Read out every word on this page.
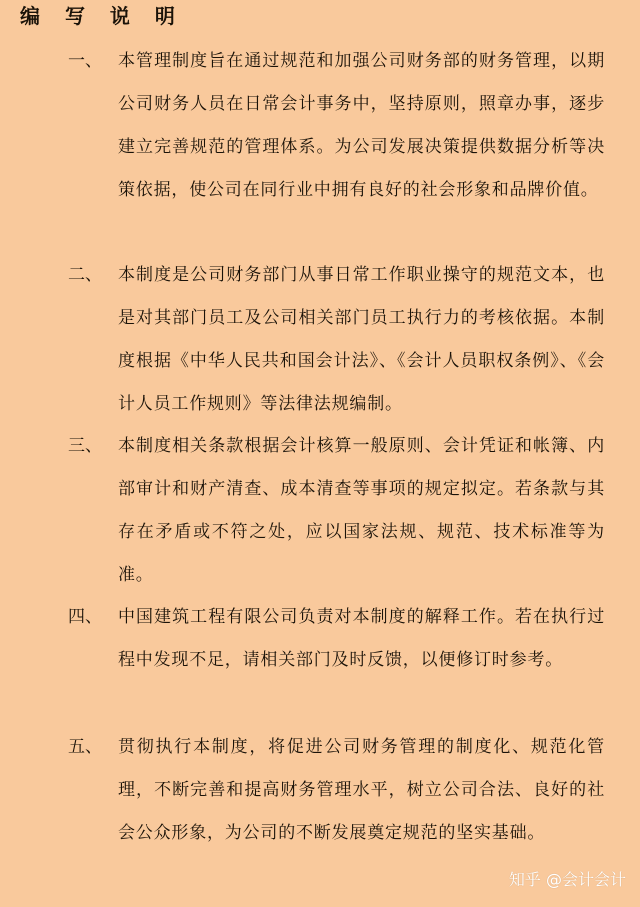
编 写 说 明
一、 本管理制度旨在通过规范和加强公司财务部的财务管理，以期公司财务人员在日常会计事务中，坚持原则，照章办事，逐步建立完善规范的管理体系。为公司发展决策提供数据分析等决策依据，使公司在同行业中拥有良好的社会形象和品牌价值。
二、 本制度是公司财务部门从事日常工作职业操守的规范文本，也是对其部门员工及公司相关部门员工执行力的考核依据。本制度根据《中华人民共和国会计法》、《会计人员职权条例》、《会计人员工作规则》等法律法规编制。
三、 本制度相关条款根据会计核算一般原则、会计凭证和帐簿、内部审计和财产清查、成本清查等事项的规定拟定。若条款与其存在矛盾或不符之处，应以国家法规、规范、技术标准等为准。
四、 中国建筑工程有限公司负责对本制度的解释工作。若在执行过程中发现不足，请相关部门及时反馈，以便修订时参考。
五、 贯彻执行本制度，将促进公司财务管理的制度化、规范化管理，不断完善和提高财务管理水平，树立公司合法、良好的社会公众形象，为公司的不断发展奠定规范的坚实基础。
知乎 @会计会计
